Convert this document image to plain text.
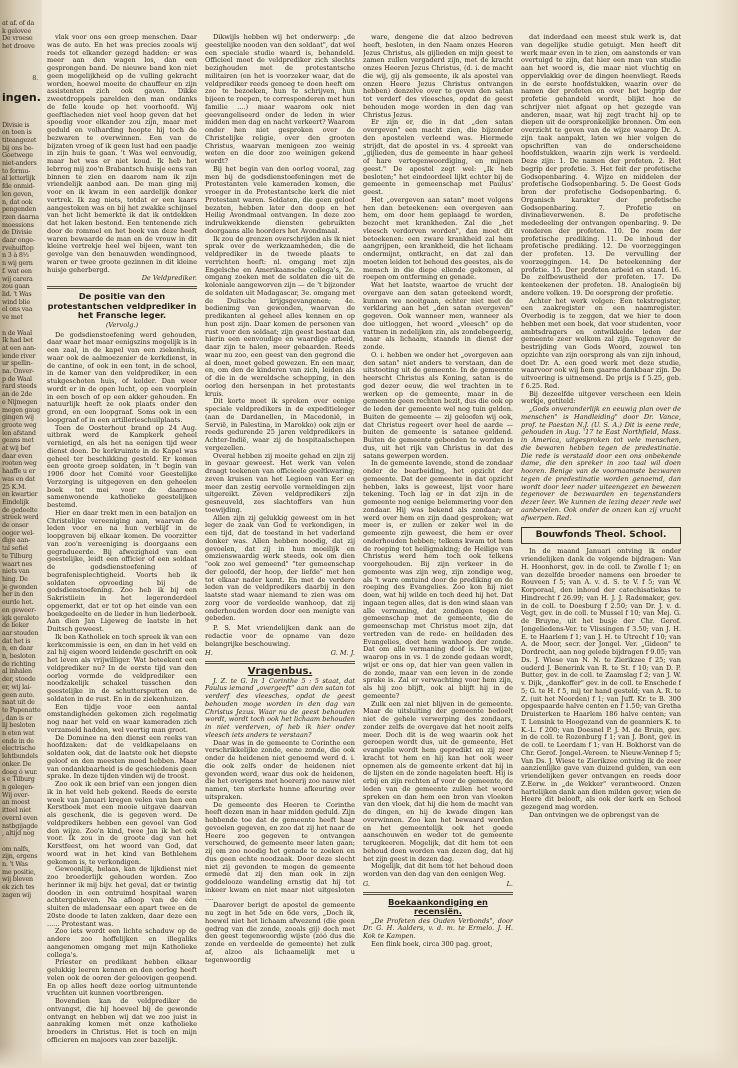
at af. of da
k gelovee
De vroese
het droeve
8.
ingen.
Divisie is
en toen is
titeangezet
bij ons be-
Goetwege
niet-anders
to formu-
al letterlijk
fde onmid-
len geven,
n, dat ook
pengenden
rzen daarna
moessions
de Divisie
daar onge-
rvehuiftop
n 3 à 8½
n wij gern
f. wat een
wij carera
zou gaan
lid. 't Was
wind blie
el ons vaa
ve met

n de Waal
Ik had bet
at een aan-
iende river
ur spellin-
na. Onver-
p de Waal
rard steeds
an de 2de
e Nijmegen
megen gaug
gingen wij
groote weg
len afstand
geans met
at wij bef
daar even
rooten weg
haaffe u er
was en dat
25 K.M.
en kwartier
Eindelijk
de gedeelte
streek werd
de onser
ooger wel-
dige aan-
tal sefiel
te Tilburg
waart nes
niets van
hing. De
je gwonden
her in den
eurde het.
en geweer-
igk geraleto
de lieker
aar stouden
dat het is
n, en daar
n, besloten
de richting
al inhalen
der, stoede
er, wij lai-
geen auto.
naat uit de
te Papenatte
, dan is er
lij besloten
n eten wat
ende in de
electrische
lehtbundels
onker. De
doeg ó wur.
s e Tilburg
n gelegen-
Wij over-
an moest
itteel niet
overnl even
nstbgijagde
, altijd nog

om nalfs,
zijn, ergens
n. 't Was
me positie,
wij bleven
ek zich tes
zagen wij

vlak voor ons een groep menschen. Daar was de auto. En het was precies zooals wij reeds tot elkander gezegd hadden: er was meer aan den wagen los, dan een gesprongen band. De nieuwe band kon niet geen mogelijkheid op de vulling gekracht worden, hoewel moeite de chauffeur en zijn assistenten zich ook gaven. Dikke zweetdroppels parelden den man ondanks de felle koude op het voorhoofd. Wij geeftlacheden niet veel hoop geven dat het spoedig voor elkander zou zijn, maar met geduld en volharding hoopte hij toch de bezwaren te overwinnen. Een van de bijzaten vroeg of ik geen lust had een paadje in zijn huis te gaan. 't Was wel eenvoudig, maar het was er niet koud. Ik heb het lebrrog mij zoo'n Brabantsch huisje eens van binnen te zien en daarom nam ik zijn vriendelijk aanbod aan. De man ging mij voor en ik kwam in een aardelijk donker vertrek. Ik zag niets, totdat er een kaars aangestoken was en bij het zwakke schijnsel van het licht bemerkte ik dat ik ontdekken dat het laken bestond. Een tentenende zich door de rommel en het boek van deze heeft waren bewaarde de man en de vrouw in dit kleine vertrekje heel wel bijeen, want ten gevolge van den benauwden wendingnood, waren er twee groote gezinnen in dit kleine huisje geherbergd.

De Veldprediker.
De positie van den protestantschen veldprediker in het Fransche leger.
(Vervolg.)

De godsdienstoefening werd gehouden, daar waar het maar eenigszins mogelijk is in een zaal, in de kapel van een ziekenhuis, waar ook de aalmoezenier de kerkdienst, in de cantine, of ook in een tent, in de school, in de kamer van den veldprediker, in een stukgeschoten huis, of kelder. Dan weer wordt er in de open lucht, op een voorplein in een bosch of op een akker gehouden. En natuurlijk heeft ze ook plaats onder den grond, en een loopgraaf. Soms ook in een loopgraaf of in een artillerieschuilplaats.

Toen de Oosterhout brand op 24 Aug. uitbrak werd de Kampkerk geheel vernietigd, en als het na eenigen tijd weer dienst doen. De kerkruimte in de Kapel was geheel ter beschikking gesteld. Er komen een groote groep soldaten, in 't begin van 1906 door het Comité voor Geestelijke Verzorging is uitgegeven en den geheelen boek tot mei voor de daarmee samenwonende katholieke geestelijken bestemd.

Hier en daar trekt men in een bataljon en Christelijke vereeniging aan, waarvan de leden voor en na hun verblijf in de loopgraven bij elkaar komen. De voorzitter van zoo'n vereeniging is doorgaans een gegradueerde. Bij afwezigheid van een geestelijke, leidt een officier of een soldaat de godsdienstoefening of begrafenisplechtigheid. Voorts heb ik soldaten opvoeding bij de godsdienstoefening. Zoo heb ik bij een Sakristiiein in het legeronderdeel opgemerkt, dat er tot op het einde van een boekgedeelte en de lieder in hun liederboek. Aan dien Jan Ligeweg de laatste in het Duitsch geweest.

Ik ben Katholiek en toch spreek ik van een kerkcommissie is een, en dan in het veld en zal hij eigen woord leidende geschrift en ook het leven als vrijwilliger. Wat beteekent een veldprediker nu? In de eerste tijd van den oorlog vormde de veldprediker een noodzakelijk schakel tusschen den geestelijke in de schuttersputten en de soldaten in de rust. En in de ziekenhuizen.

Een tijdje voor een aantal omstandigheden gekomen zich regelmatig nog naar het veld en waar kameraden zich verzameld hadden, wel veertig man groot.

De Dominee na den dienst een reeks van hoofdzaken: dat de veldkapelaans en soldaten ook, dat de laatste ook het diepste geloof en den meesten moed hebben. Maar van ondankbaarheid is de geschiedenis geen sprake. In deze tijden vinden wij de troost.

Zoo ook ik een brief van een jongen dien ik in het veld heb gekend. Reeds de eerste week van Januari kregen velen van hen een Kerstboek met een mooie uitgave daarvan als geschenk, die is gegeven werd. De veldpredikers hebben een gevoel van God den wijze. Zoo'n kind, twee Jan ik het ook voor. Ik zou in de groote dag van het Kerstfeest, om het woord van God, dat woord wat in het kind van Bethlehem gekomen is, te verkondigen.

Gewoonlijk, helaas, kan de lijkdienst niet zoo broederlijk gehouden worden. Zoo herinner ik mij bijv. het geval, dat er twintig dooden in een ontruimd hospitaal waren achtergebleven. Na afloop van de één sluiten de mladensaar een apart twee en de 20ste doode te laten zakken, daar deze een ...... Protestant was.

Zoo iets wordt een lichte schaduw op de andere zoo hoffelijken en illegaliks aangenomen omgang met mijn Katholieke collega's.

Priester en predikant hebben elkaar gelukkig leeren kennen en den oorlog heeft velen ook de ooren der geloovigen geopend. En op alles heeft deze oorlog uitmuntende vruchten uit kunnen voortbrengen.

Bovendien kan de veldprediker de ontvangst, die hij hoeveel bij de gewonde ontvangt en hebben wij dat we zoo juist in aanraking komen met onze katholieke broeders in Christus. Het is toch en mijn officieren en majoors van zeer bazelijk.

Dikwijls hebben wij het onderwerp: „de geestelijke nooden van den soldaat", dat wel een speciale studie waard is, behandeld. Officieel moet de veldprediker zich slechts bezighouden met de protestantsche militairen (en het is voorzeker waar, dat de veldprediker reeds genoeg te doen heeft om zoo te bezoeken, hun te schrijven, hun bijeen te roepen, te corresponderen met hun familie ....) maar waarom ook niet geevangeliseerd onder de leden in wier midden men dag en nacht verkeert? Waarom onder hen niet gesproken over de Christelijke religie, over den grooten Christus, waarvan menigeen zoo weinig weten en die door zoo weinigen gekend wordt?

Bij het begin van den oorlog vooral, zag men bij de godsdienstoefeningen met de Protestanten vele kameraden komen, die vroeger in de Protestantsche kerk die niet Protestant waren. Soldaten, die geen geloof bezaten, hebben later den doop en het Heilig Avondmaal ontvangen. In deze zoo indrukwekkende diensten gebruikten doorgaans alle hoorders het Avondmaal.

Ik zou de grenzen overschrijden als ik niet sprak over de werkzaamheden, die de veldprediker in de tweede plaats te verrichten heeft: nl. omgang met zijn Engelsche en Amerikaansche collega's, 2e. omgang zoeken met de soldaten die uit de koloniale aangeworven zijn — de 't bijzonder de soldaten uit Madagascar, 3e. omgang met de Duitsche krijgsgevangenen; 4e. bedienimg van gewonden, waarvan de predikanten al geheel alles kennen en op hun post zijn. Daar komen de personen van rust voor den soldaat; zijn geest bestaat dan hierin een eenvoudige en waardige arbeid, daar zijn te halen, meer gebaarden. Reeds waar nu zoo, een geest van den gegrond die al doen, moet gebed gewezen. En een maar, en, om den de kinderen van zich, leiden als of die in de wereldsche schepping, in den oorlog den hersenpan in het protestants kruis.

Dit korte moet ik spreken over eenige speciale veldpredikers in de expeditieleger (aan de Dardanellen, in Macedonië, in Servië, in Palestina, in Marokko) ook zijn er reeds gedurende 25 jaren veldpredikers in Achter-Indië, waar zij de hospitaalschepen vergezellen.

Overal hebben zij moeite gehad en zijn zij in gevaar geweest. Het werk van velen draagt teekenen van officieele geeltkwaring; zeven kruisen van het Legioen van Eer en meer dan zestig eervolle vermeldingen zijn uitgereikt. Zeven veldpredikers zijn gesneuveld, zes slachtoffers van hun toewijding.

Allen zijn zij gelukkig geweest om in het leger de zaak van God te verkondigen, in een tijd, dat de toestand in het vaderland donker was. Allen hebben noodig, dat zij gevoelen, dat zij in hun moeilijk en omzienswaardig werk steeds, ook om dien "ook zoo wel gemeend" "ter gemeenschap der geloofd, der hoop, der liefde" met hen tot elkaar nader komt. En met de verdere leden van de veldpredikers daarbij in den laatste stad waar niemand te zien was om zorg voor de verdeelde wanhoop, dat zij onderhouden worden door een menigte van gebeden.

P. S. Met vriendelijken dank aan de redactie voor de opname van deze belangrijke beschouwing.

H.	G. M. J.
Vragenbus.

J. Z. te G. In 1 Corinthe 5 : 5 staat, dat Paulus iemand „overgeeft" aan den satan tot verderf des vleesches, opdat de geest behouden moge worden in den dag van Christus Jezus. Waar nu de geest behouden wordt, wordt toch ook het lichaam behouden in niet verderven, of heb ik hier onder vleesch iets anders te verstaan?

Daar was in de gemeente te Corinthe een verschrikkelijke zonde, eene zonde, die ook onder de heidenen niet genoemd werd d. i. die ook zelfs onder de heidenen niet gevonden werd, waar dus ook de heidenen, die het overigens met hoererij zoo nauw niet namen, ten sterkste hunne afkeuring over uitspraken.

De gemeente des Heeren te Corinthe heeft dezen man in haar midden geduld. Zijn hebbende toe dat de gemeente heeft haar gevoelen gegeven, en zoo dat zij het naar de Heere zoo gegeven te ontvangen verschouwd, de gemeente meer laten gaan; zij om zoo noodig het genade te zoeken en dus geen echte noodzaak. Door deze slecht niet zij gevonden te mogen de gemeente ermede dat zij den man ook in zijn goddelooze wandeling ernstig dat hij tot inkeer kwam en niet maar niet uitgesloten ....

Daarover berigt de apostel de gemeente nu zegt in het 5de en 6de vers, „Doch ik, hoewel niet het lichaam afwezend (die geen gedrag van die zonde, zooals gij) doch met den geest tegenwoordig wijste (zóó dus die zonde en verdeelde de gemeente) het zulk af, alzoo als lichaamelijk met u tegenwoordig

ware, dengene die dat alzoo bedreven heeft, besloten, in den Naam onzes Heeren Jezus Christus, als gijlieden en mijn geest te zamen zullen vergaderd zijn, met de kracht onzes Heeren Jezus Christus, (d. i. de macht die wij, gij als gemeente, ik als apostel van onzen Heere Jezus Christus ontvangen hebben) denzelve over te geven den satan tot verderf des vleesches, opdat de geest behouden moge worden in den dag van Christus Jezus.

Er zijn er, die in dat „den satan overgeven" een macht zien, die bijzonder den apostelen verleend was. Hiermede strijdt, dat de apostel in vs. 4 spreekt van „gijlieden, dus de gemeente in haar geheel of hare vertegenwoordiging, en mijnen geest." De apostel zegt wel: „Ik heb besloten;" het eindoordeel lijkt echter bij de gemeente in gemeenschap met Paulus' geest.

Het „overgeven aan satan" moet volgens hen dan beteekenen: een overgeven aan hem, om door hem geplaagd te worden, bezocht met krankheden. Zal die „het vleesch verdorven worden", dan moet dit betoekenen: een zware krankheid zal hem aangrijpen, een krankheid, die het lichaam ondermijnt, ontkracht, en dat zal dan moeten leiden tot behoud des geestes, als de mensch in die diepe ellende gekomen, al roepen om ontferming en genade.

Wat het laatste, waartoe de vrucht der overgave aan den satan geteekend wordt, kunnen we nooitgaan, echter niet met de verklaring aan het „den satan overgeven" gegeven. Ook wanneer men, wanneer als doe uitloggen, het woord „vleesch" op de vattnen in zedelijken zin, als zondebegeerig, maar als lichaam, staande in dienst der zonde.

O. i. hebben we onder het „overgeven aan den satan" niet anders te verstaan, dan de uitstooting uit de gemeente. In de gemeente heerscht Christus als Koning, satan is de god dezer eeuw, die wel trachten in te werken op de gemeente, maar in de gemeente geen rechten bezit, dus die ook op de leden der gemeente wel nog tuin gelden. Buiten de gemeente — zij geloofen wij ook, dat Christus regeert over heel de aarde — buiten de gemeente is satanee geldend. Buiten de gemeente gebonden te worden is dus, uit het rijk van Christus in dat des satans gewerpen worden.

In de gemeente lavende, stond de zondaar onder de bearbeiding, het opzicht der gemeente. Dat der gemeente in dat opzicht hebben, laks is geweest, lijst voor hare tekening. Toch lag er in dat zijn in de gemeente nog eenige belemmering voor den zondaar. Hij was bekend als zondaar; er werd over hem en zijn daad gesproken; wat meer is, er zullen er zeker wel in de gemeente zijn geweest, die hem er over onderhouden hebben; telkens kwam tot hem de roeping tot heiligmaking; de Heilige van Christus werd hem toch ook telkens voorgehouden. Bij zijn verkeer in de gemeente was zijn weg, zijn zondige weg, als 't ware omtuind door de prediking en de roeping des Evangelies. Zoo kon hij niet doen, wat hij wilde en toch deed hij het. Dat ingaan tegen alles, dat is den wind slaan van alle vermaning, dat zondigen tegen de gemeenschap met de gemeente, die de gemeenschap met Christus moet zijn, dat vertreden van de rede- en heildaden des Evangelies, doet hem wanhoop der zonde. Dat om alle vermaning doof is. De wijze, waarop ons in vs. 1 de zonde gedaan wordt, wijst er ons op, dat hier van geen vallen in de zonde, maar van een leven in de zonde sprake is. Zal er verwachting voor hem zijn, als hij zoo blijft, ook al blijft hij in de gemeente?

Zulk een zal niet blijven in de gemeente. Maar de uitsluiting der gemeente bedoelt niet de gehele verwerping des zondaars, zonder zelfs de overgave dat het nooit zelfs meer. Doch dit is de weg waarin ook het geroepen wordt dus, uit de gemeente, Het evangelie wordt hem gepredikt en zij zeer kracht tot hem en hij kan het ook weer opnemen als de gemeente erkent dat hij in de lijsten en de zonde nagelaten heeft. Hij is erbij en zijn rechten af voor de gemeente, de leden van de gemeente zullen het woord spreken en dan hem een bron van vloeken van den vloek, dat hij die hem de macht van de dingen, en hij de kwade dingen kan overwinnen. Zoo kan het bewaard worden en het gemeentelijk ook het goede aanschouwen en weder tot de gemeente terugkeeren. Mogelijk, dat dit hem tot een behoud doen worden van dezen dag, dat hij het zijn geest in dezen dag.

Mogelijk, dat dit hem tot het behoud doen worden van den dag van den eenigen Weg.

G.	L.
Boekaankondiging en recensiën.

„De Profeten des Ouden Verbonds", door Dr. G. H. Aalders, v. d. m. te Ermelo. J. H. Kok te Kampen.

Een flink boek, circa 300 pag. groot,

dat inderdaad een meest stuk werk is, dat van degelijke studie getuigt. Men heeft dit werk maar even in te zien, om aanstonds er van overtuigd te zijn, dat hier een man van studie aan het woord is, die maar niet vluchtig en oppervlakkig over de dingen heenvliegt. Reeds in de eerste hoofdstukken, waarin over de namen der profeten en over het begrip der profetie gehandeld wordt, blijkt hoe de schrijver niet afgaat op het gezegde van anderen, maar, wat hij zegt tracht hij op te diepen uit de oorspronkelijke bronnen. Om een overzicht te geven van de wijze waarop Dr. A. zijn taak aanpakt, laten we hier volgen de opschriften van de onderscheidene hoofdstukken, waarin zijn werk is verdeeld. Deze zijn: 1. De namen der profeten. 2. Het begrip der profetie. 3. Het feit der profetische Godsopenbaring. 4. Wijze en middelen der profetische Godsopenbaring. 5. De Geest Gods bron der profetische Godsopenbaring. 6. Organisch karakter der profetische Godsopenbaring. 7. Profetie en divinatieverwenen. 8. De profetische mededeeling der ontvangen openbaring. 9. De vonderen der profeten. 10. De roem der profetische prediking. 11. De inhoud der profetische prediking. 12. De voorzeggingen der profeten. 13. De vervulling der voorzeggingen. 14. De beteekenning der profetie. 15. Der profeten arbeid en stand. 16. De zelfbewustheid der profeten. 17. De kenteekenen der profeten. 18. Analogieën bij andere volken. 19. De oorsprong der profetie.

Achter het werk volgen: Een tekstregister, een zaakregister en een naamregister. Overbodig is te zeggen, dat we hier te doen hebben met een boek, dat voor studenten, voor ambtsdragers en ontwikkelde leden der gemeente zeer welkom zal zijn. Tegenover de bestrijding van Gods Woord, zouwel ten opzichte van zijn oorsprong als van zijn inhoud, doet Dr. A. een goed werk met deze studie, waarvoor ook wij hem gaarne dankbaar zijn. De uitvoering is uitnemend. De prijs is f 5.25, geb. f 6.25. Red.

Bij dezeelfde uitgever verscheen een klein werkje, getiteld:

„Gods onveranderlijk en eeuwig plan over de menschen" is Handleiding" door Dr. Vance, prof. te Paestan N.J. (U. S. A.) Dit is eene rede, gehouden in Aug. '17 te East Northfield, Mass. in America, uitgesproken tot vele menschen, die bewaren hebben tegen de predestinatie. Die rede is verstaald door een ons onbekende dame, die den spreker in zoo taal wil doen hooren. Benige van de voornaamste bezwaren tegen de predestinatie worden genoemd, dan wordt door leer nader uiteengezet en bewezen tegenover de bezwaarden en tegenstanders dezer leer. We kunnen de lezing dezer rede wel aanbevelen. Ook onder de onzen kan zij vrucht afwerpen. Red.

Bouwfonds Theol. School.

In de maand Januari ontving ik onder vriendelijken dank de volgende bijdragen: Van H. Hoonhorst, gev. in de coll. te Zwolle f 1; en van dezelfde broeder namens een broeder te Rouveen f 5; van A. v. d. S. te V. f 5; van W. Korporaal, den inhoud der catechisatiekas te Hindrecht f 26.99; van H. J. J. Rademaker, gev. in de coll. te Doesburg f 2.50; van Dr. J. v. d. Vegt, gev. in de coll. te Mussel f 10; van Mej. G. de Bruyne, uit het busje der Chr. Gerof. Jongeliedens-Ver. te Vlissingen f 3.50; van J. H. E. te Haarlem f 1; van J. H. te Utrecht f 10; van A. de Moor, secr. der Jongel. Ver. „Gideon" te Dordrecht, aan nog gelede bijdragen f 9.05; van Ds. J. Wiese van N. N. te Zierikzee f 25; van ouderd J. Benerink van R. te St. f 10; van D. P. Butter, gev. in de coll. te Zaamslag f 2; van J. W. v. Dijk, „dankoffer" gev. in de coll. te Enschede f 5; G. te H. f 5, mij ter hand gesteld; van A. R. te Z. (uit het Noorden) f 1; van Juff. Kr. te B. 300 opgespaarde halve centen en f 1.50; van Gretha Druisterken te Haarlem 186 halve centen; van T. Lensink te Hoogezand van de geanniers K. te K.-L. f 200; van Doesnel P. J. M. de Bruin, gev. in de coll. te Rozenburg f 1; van J. Bont, gev. in de coll. te Leerdam f 1; van H. Bokhorst van de Chr. Gerof. Jongel.-Vereen. te Nieuw-Vennep f 5; Van Ds. J. Wiese te Zierikzee ontving ik de zeer aanzienlijke gave van duizend gulden, van een vriendelijken gever ontvangen en reeds door Z.Eerw. in „de Wekker" verantwoord. Onzen hartelijken dank aan dien milden gever, wien de Heere dit belooft, als ook der kerk en School gezegend mag worden.

Dan ontvingen we de opbrengst van de
